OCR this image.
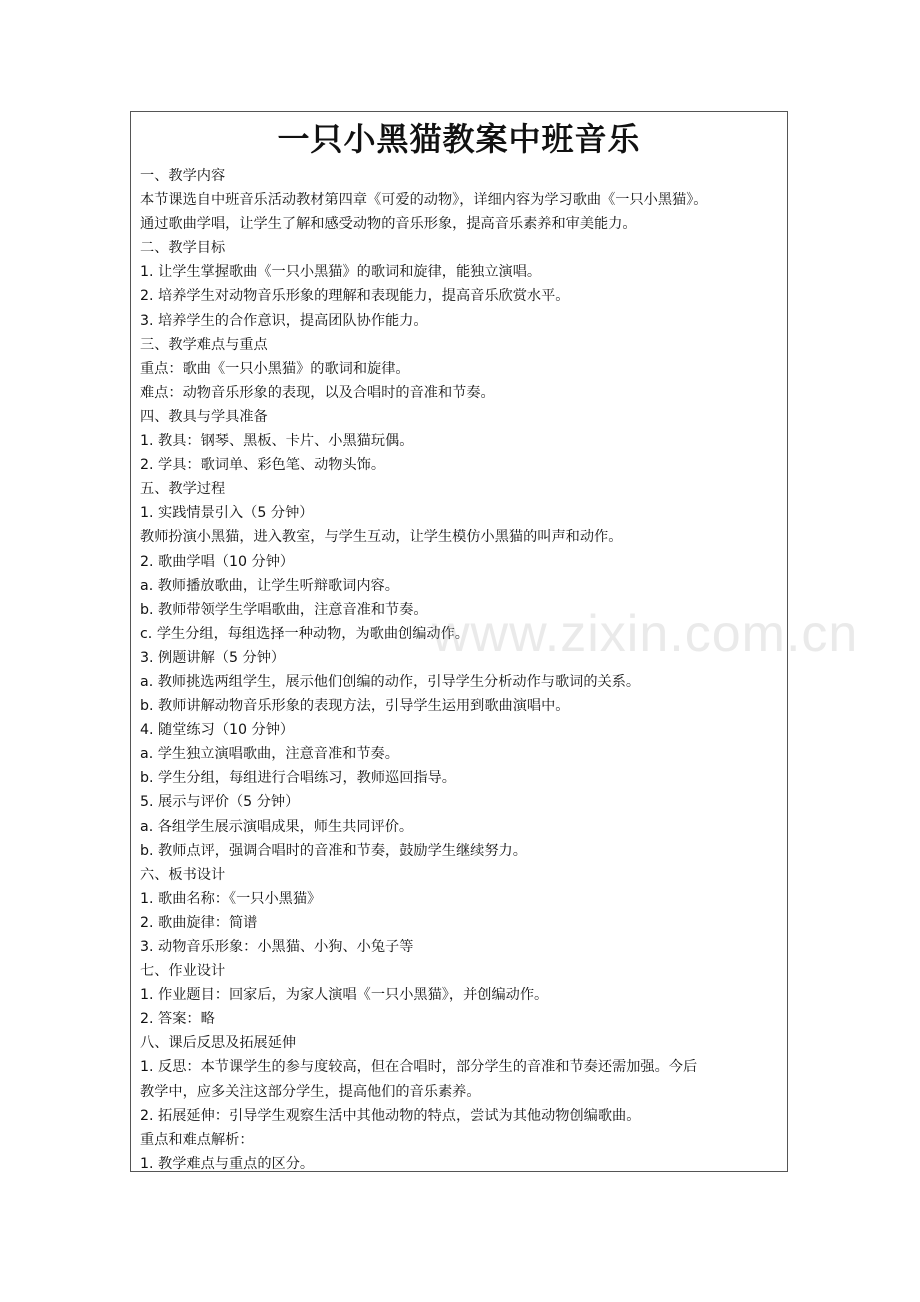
一只小黑猫教案中班音乐
一、教学内容
本节课选自中班音乐活动教材第四章《可爱的动物》，详细内容为学习歌曲《一只小黑猫》。
通过歌曲学唱，让学生了解和感受动物的音乐形象，提高音乐素养和审美能力。
二、教学目标
1. 让学生掌握歌曲《一只小黑猫》的歌词和旋律，能独立演唱。
2. 培养学生对动物音乐形象的理解和表现能力，提高音乐欣赏水平。
3. 培养学生的合作意识，提高团队协作能力。
三、教学难点与重点
重点：歌曲《一只小黑猫》的歌词和旋律。
难点：动物音乐形象的表现，以及合唱时的音准和节奏。
四、教具与学具准备
1. 教具：钢琴、黑板、卡片、小黑猫玩偶。
2. 学具：歌词单、彩色笔、动物头饰。
五、教学过程
1. 实践情景引入（5 分钟）
教师扮演小黑猫，进入教室，与学生互动，让学生模仿小黑猫的叫声和动作。
2. 歌曲学唱（10 分钟）
a. 教师播放歌曲，让学生听辩歌词内容。
b. 教师带领学生学唱歌曲，注意音准和节奏。
c. 学生分组，每组选择一种动物，为歌曲创编动作。
3. 例题讲解（5 分钟）
a. 教师挑选两组学生，展示他们创编的动作，引导学生分析动作与歌词的关系。
b. 教师讲解动物音乐形象的表现方法，引导学生运用到歌曲演唱中。
4. 随堂练习（10 分钟）
a. 学生独立演唱歌曲，注意音准和节奏。
b. 学生分组，每组进行合唱练习，教师巡回指导。
5. 展示与评价（5 分钟）
a. 各组学生展示演唱成果，师生共同评价。
b. 教师点评，强调合唱时的音准和节奏，鼓励学生继续努力。
六、板书设计
1. 歌曲名称：《一只小黑猫》
2. 歌曲旋律：简谱
3. 动物音乐形象：小黑猫、小狗、小兔子等
七、作业设计
1. 作业题目：回家后，为家人演唱《一只小黑猫》，并创编动作。
2. 答案：略
八、课后反思及拓展延伸
1. 反思：本节课学生的参与度较高，但在合唱时，部分学生的音准和节奏还需加强。今后
教学中，应多关注这部分学生，提高他们的音乐素养。
2. 拓展延伸：引导学生观察生活中其他动物的特点，尝试为其他动物创编歌曲。
重点和难点解析：
1. 教学难点与重点的区分。
www.zixin.com.cn
